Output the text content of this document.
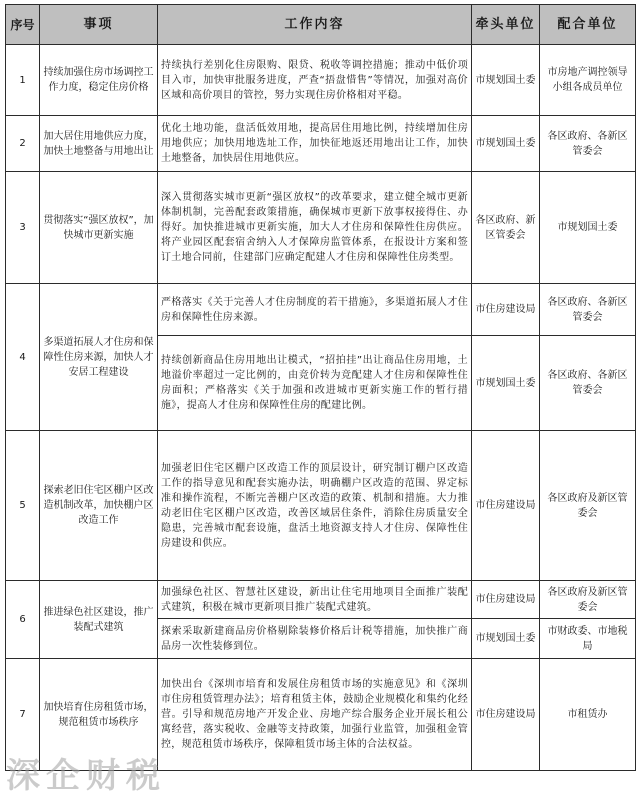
序号	事项	工作内容	牵头单位	配合单位
1	持续加强住房市场调控工作力度，稳定住房价格	持续执行差别化住房限购、限贷、税收等调控措施；推动中低价项目入市，加快审批服务进度，严查“捂盘惜售”等情况，加强对高价区域和高价项目的管控，努力实现住房价格相对平稳。	市规划国土委	市房地产调控领导小组各成员单位
2	加大居住用地供应力度，加快土地整备与用地出让	优化土地功能，盘活低效用地，提高居住用地比例，持续增加住房用地供应；加快用地选址工作，加快征地返还用地出让工作，加快土地整备，加快居住用地供应。	市规划国土委	各区政府、各新区管委会
3	贯彻落实“强区放权”，加快城市更新实施	深入贯彻落实城市更新“强区放权”的改革要求，建立健全城市更新体制机制，完善配套政策措施，确保城市更新下放事权接得住、办得好。加快推进城市更新实施，加大人才住房和保障性住房供应。将产业园区配套宿舍纳入人才保障房监管体系，在报设计方案和签订土地合同前，住建部门应确定配建人才住房和保障性住房类型。	各区政府、新区管委会	市规划国土委
4	多渠道拓展人才住房和保障性住房来源，加快人才安居工程建设	严格落实《关于完善人才住房制度的若干措施》，多渠道拓展人才住房和保障性住房来源。	市住房建设局	各区政府、各新区管委会
		持续创新商品住房用地出让模式，“招拍挂”出让商品住房用地，土地溢价率超过一定比例的，由竞价转为竞配建人才住房和保障性住房面积；严格落实《关于加强和改进城市更新实施工作的暂行措施》，提高人才住房和保障性住房的配建比例。	市规划国土委	各区政府、各新区管委会
5	探索老旧住宅区棚户区改造机制改革，加快棚户区改造工作	加强老旧住宅区棚户区改造工作的顶层设计，研究制订棚户区改造工作的指导意见和配套实施办法，明确棚户区改造的范围、界定标准和操作流程，不断完善棚户区改造的政策、机制和措施。大力推动老旧住宅区棚户区改造，改善区域居住条件，消除住房质量安全隐患，完善城市配套设施，盘活土地资源支持人才住房、保障性住房建设和供应。	市住房建设局	各区政府及新区管委会
6	推进绿色社区建设，推广装配式建筑	加强绿色社区、智慧社区建设，新出让住宅用地项目全面推广装配式建筑，积极在城市更新项目推广装配式建筑。	市住房建设局	各区政府及新区管委会
		探索采取新建商品房价格剔除装修价格后计税等措施，加快推广商品房一次性装修到位。	市规划国土委	市财政委、市地税局
7	加快培育住房租赁市场，规范租赁市场秩序	加快出台《深圳市培育和发展住房租赁市场的实施意见》和《深圳市住房租赁管理办法》；培育租赁主体，鼓励企业规模化和集约化经营。引导和规范房地产开发企业、房地产综合服务企业开展长租公寓经营，落实税收、金融等支持政策，加强行业监管，加强租金管控，规范租赁市场秩序，保障租赁市场主体的合法权益。	市住房建设局	市租赁办
深企财税
